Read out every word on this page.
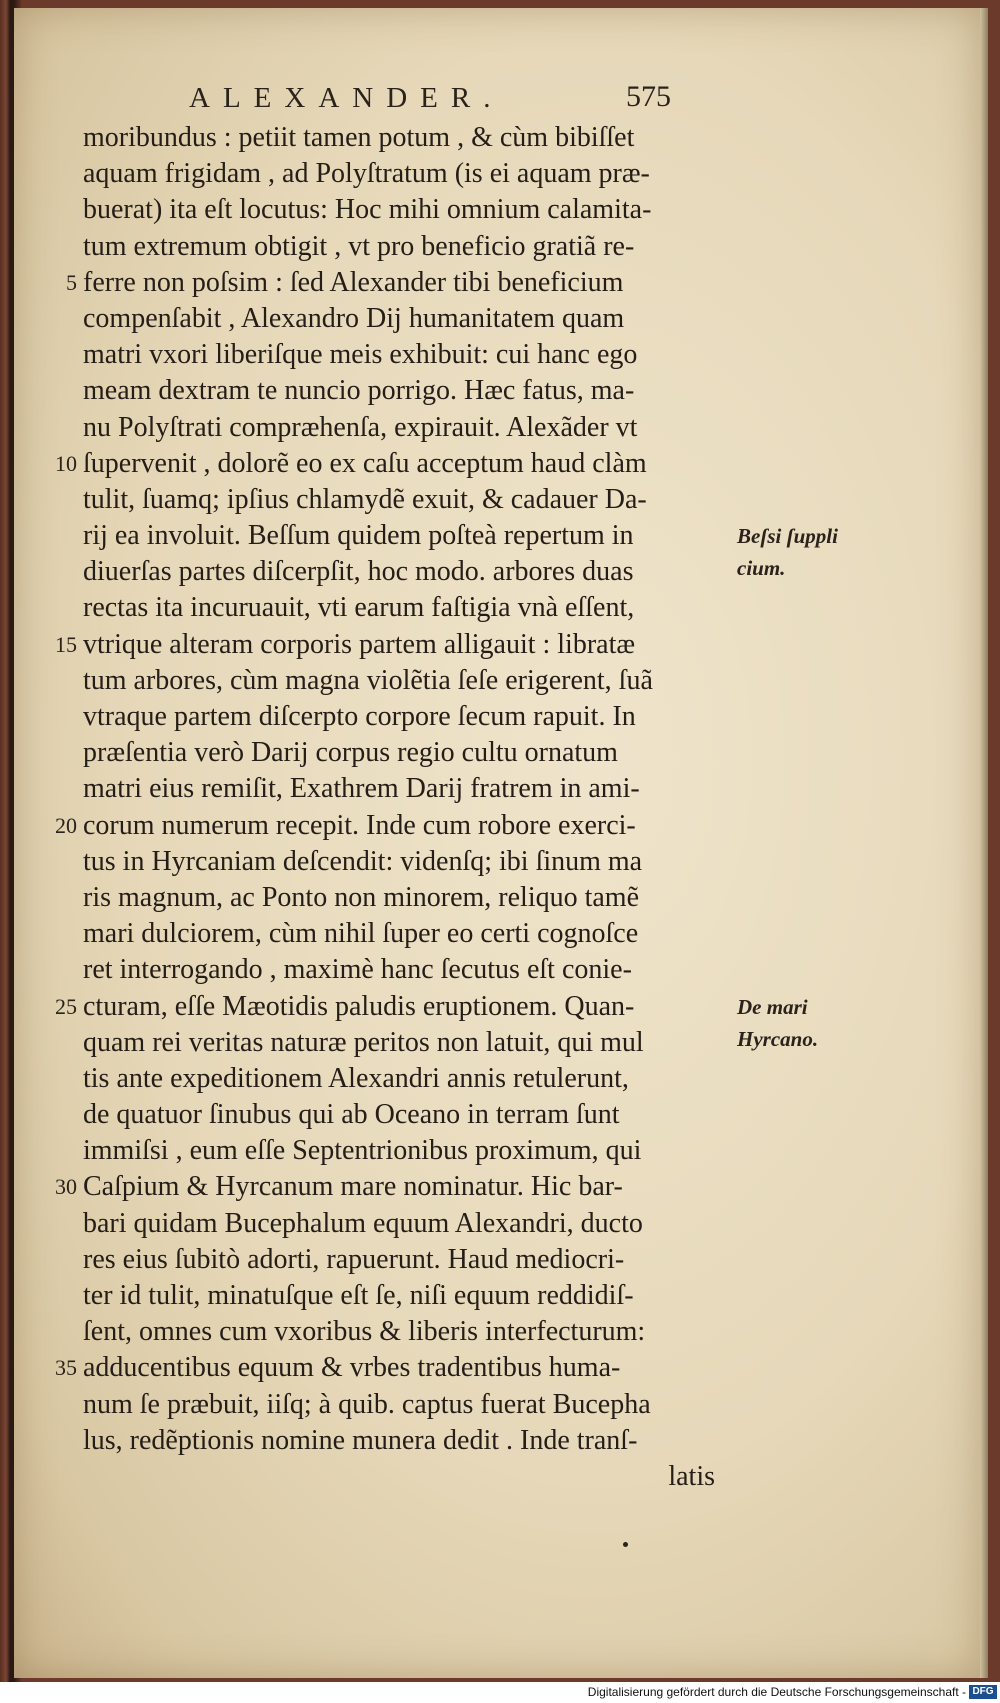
ALEXANDER.	575
moribundus : petiit tamen potum , & cùm bibiſſet
aquam frigidam , ad Polyſtratum (is ei aquam præ-
buerat) ita eſt locutus: Hoc mihi omnium calamita-
tum extremum obtigit , vt pro beneficio gratiã re-
ferre non poſsim : ſed Alexander tibi beneficium
5
compenſabit , Alexandro Dij humanitatem quam
matri vxori liberiſque meis exhibuit: cui hanc ego
meam dextram te nuncio porrigo. Hæc fatus, ma-
nu Polyſtrati compræhenſa, expirauit. Alexãder vt
ſupervenit , dolorẽ eo ex caſu acceptum haud clàm
10
tulit, ſuamq; ipſius chlamydẽ exuit, & cadauer Da-
rij ea involuit. Beſſum quidem poſteà repertum in
diuerſas partes diſcerpſit, hoc modo. arbores duas
rectas ita incuruauit, vti earum faſtigia vnà eſſent,
vtrique alteram corporis partem alligauit : libratæ
15
tum arbores, cùm magna violẽtia ſeſe erigerent, ſuã
vtraque partem diſcerpto corpore ſecum rapuit. In
præſentia verò Darij corpus regio cultu ornatum
matri eius remiſit, Exathrem Darij fratrem in ami-
corum numerum recepit. Inde cum robore exerci-
20
tus in Hyrcaniam deſcendit: videnſq; ibi ſinum ma
ris magnum, ac Ponto non minorem, reliquo tamẽ
mari dulciorem, cùm nihil ſuper eo certi cognoſce
ret interrogando , maximè hanc ſecutus eſt conie-
cturam, eſſe Mæotidis paludis eruptionem. Quan-
25
quam rei veritas naturæ peritos non latuit, qui mul
tis ante expeditionem Alexandri annis retulerunt,
de quatuor ſinubus qui ab Oceano in terram ſunt
immiſsi , eum eſſe Septentrionibus proximum, qui
Caſpium & Hyrcanum mare nominatur. Hic bar-
30
bari quidam Bucephalum equum Alexandri, ducto
res eius ſubitò adorti, rapuerunt. Haud mediocri-
ter id tulit, minatuſque eſt ſe, niſi equum reddidiſ-
ſent, omnes cum vxoribus & liberis interfecturum:
adducentibus equum & vrbes tradentibus huma-
35
num ſe præbuit, iiſq; à quib. captus fuerat Bucepha
lus, redẽptionis nomine munera dedit . Inde tranſ-
latis
Beſsi ſuppli
cium.
De mari
Hyrcano.
Digitalisierung gefördert durch die Deutsche Forschungsgemeinschaft - DFG
